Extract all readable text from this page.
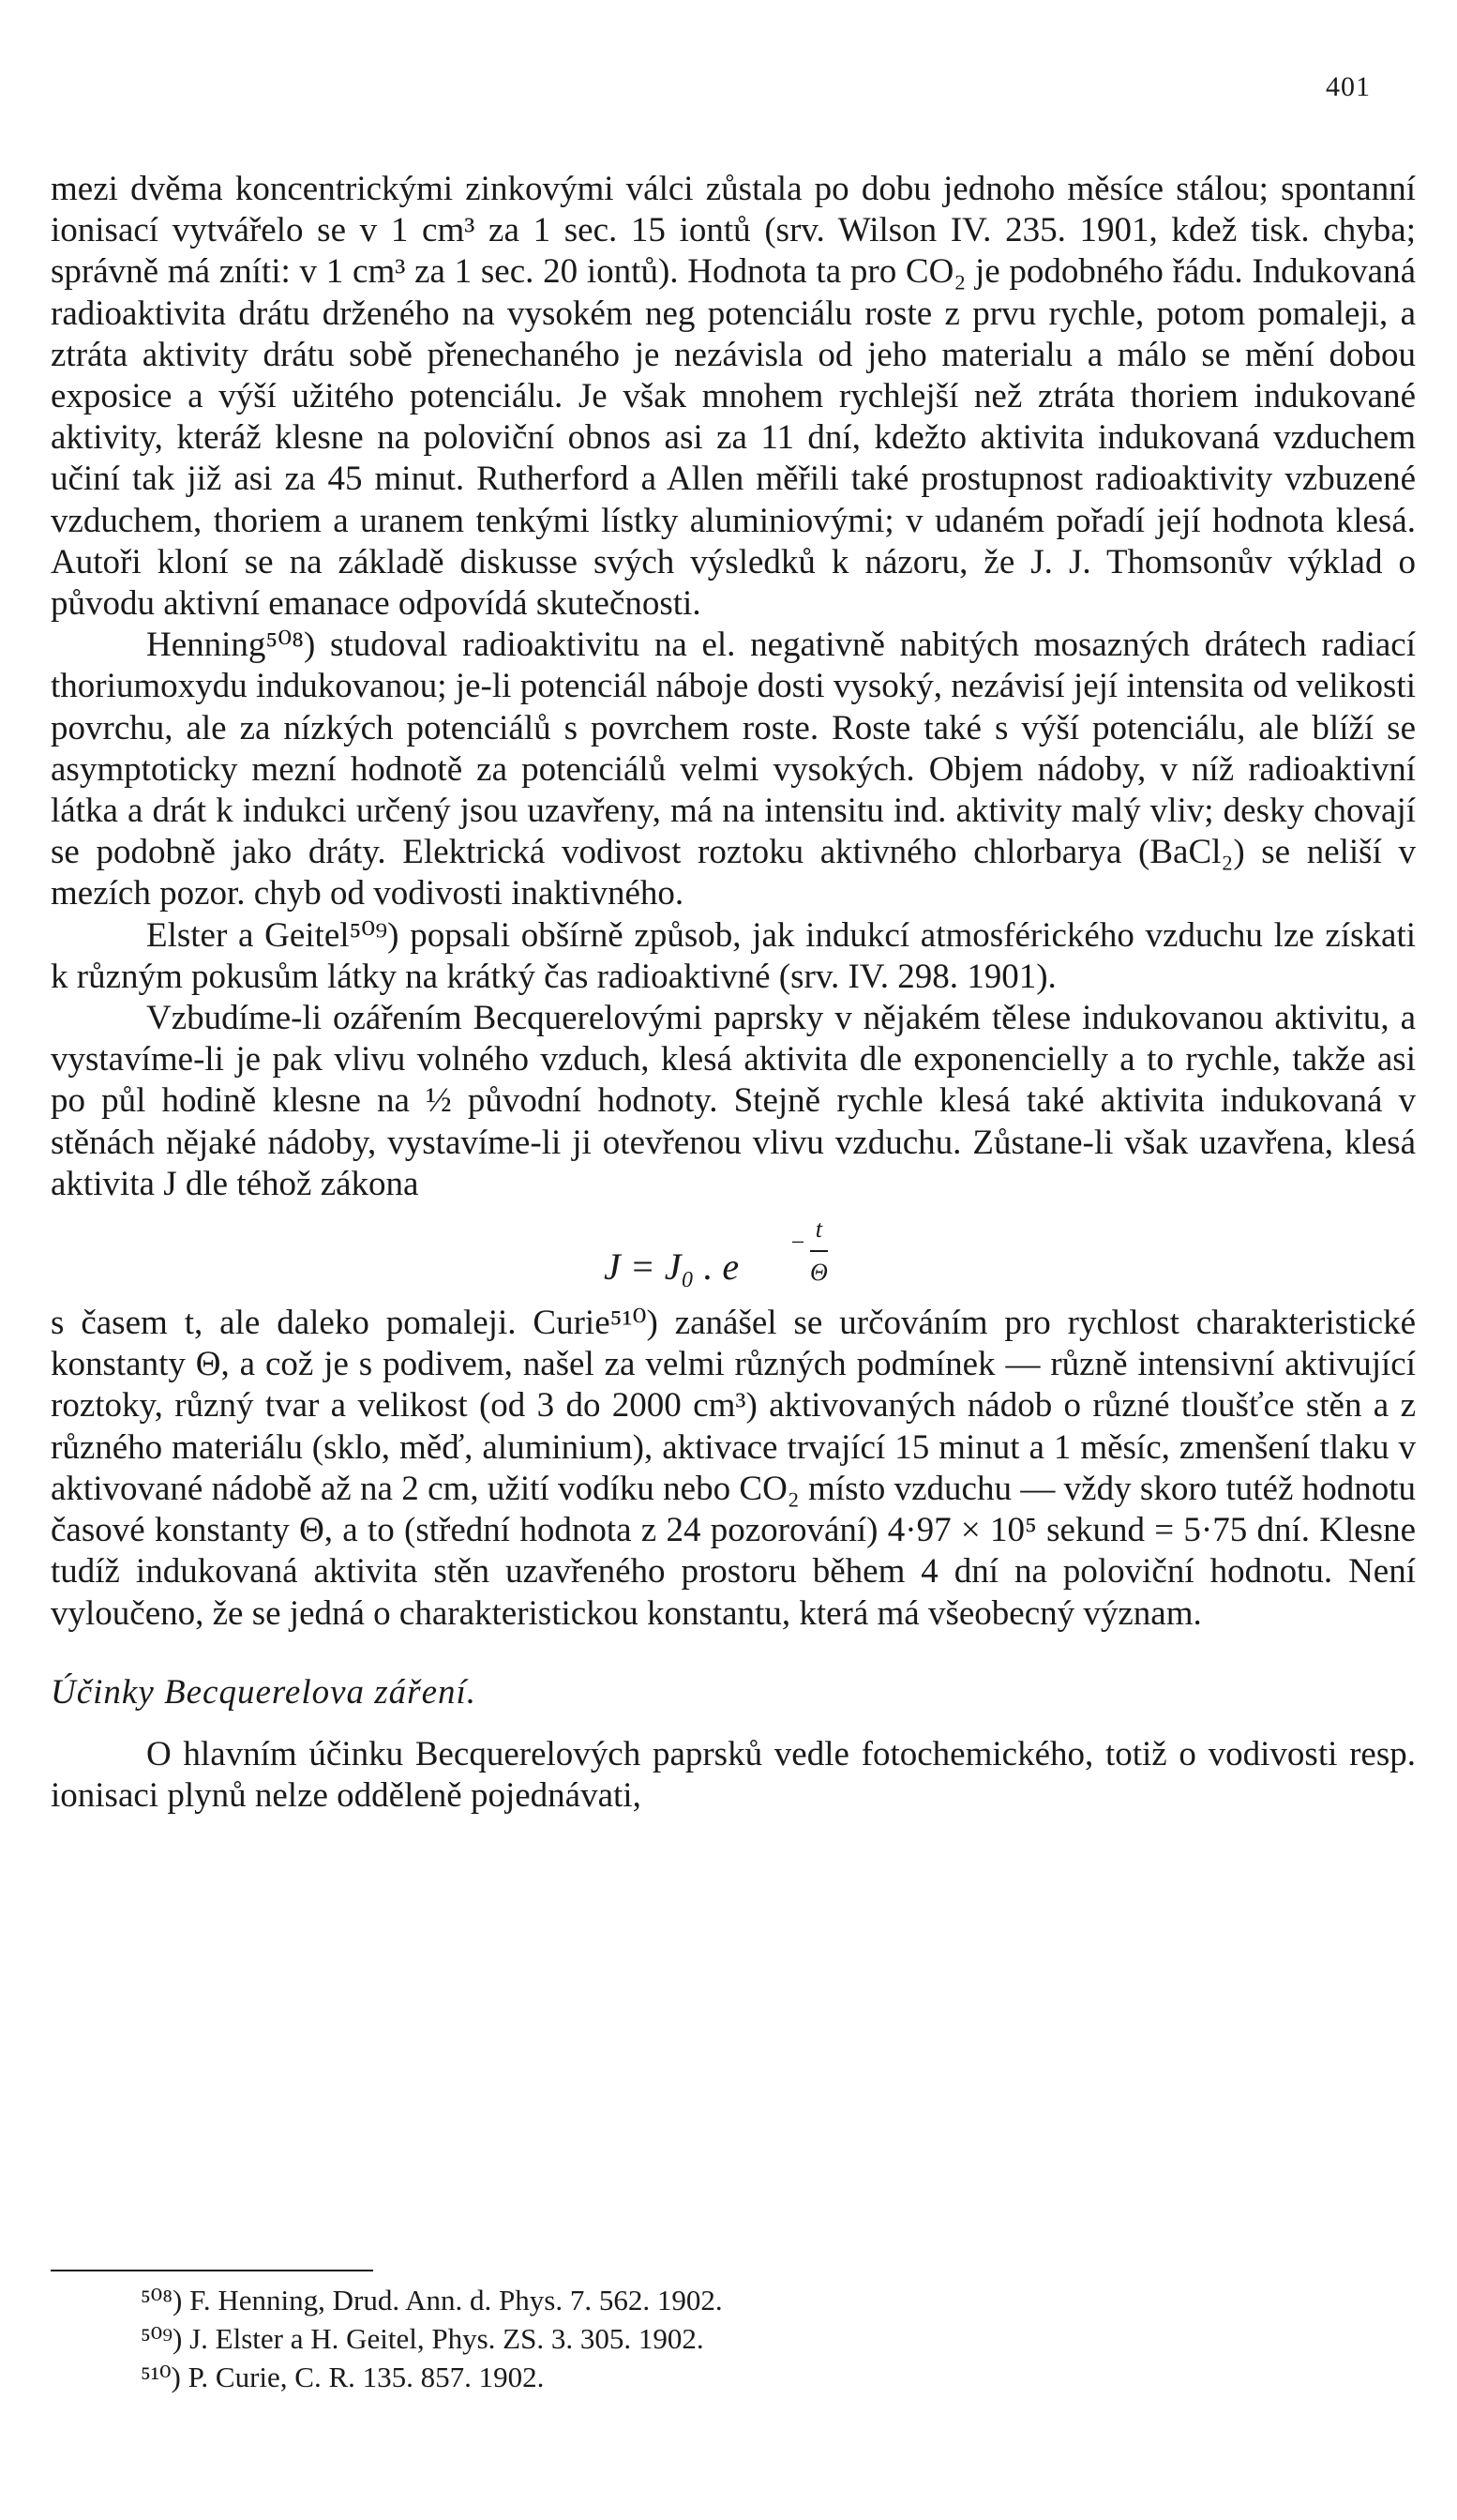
401

mezi dvěma koncentrickými zinkovými válci zůstala po dobu jednoho měsíce stálou; spontanní ionisací vytvářelo se v 1 cm³ za 1 sec. 15 iontů (srv. Wilson IV. 235. 1901, kdež tisk. chyba; správně má zníti: v 1 cm³ za 1 sec. 20 iontů). Hodnota ta pro CO₂ je podobného řádu. Indukovaná radioaktivita drátu drženého na vysokém neg potenciálu roste z prvu rychle, potom pomaleji, a ztráta aktivity drátu sobě přenechaného je nezávisla od jeho materialu a málo se mění dobou exposice a výší užitého potenciálu. Je však mnohem rychlejší než ztráta thoriem indukované aktivity, kteráž klesne na poloviční obnos asi za 11 dní, kdežto aktivita indukovaná vzduchem učiní tak již asi za 45 minut. Rutherford a Allen měřili také prostupnost radioaktivity vzbuzené vzduchem, thoriem a uranem tenkými lístky aluminiovými; v udaném pořadí její hodnota klesá. Autoři kloní se na základě diskusse svých výsledků k názoru, že J. J. Thomsonův výklad o původu aktivní emanace odpovídá skutečnosti.

Henning⁵⁰⁸) studoval radioaktivitu na el. negativně nabitých mosazných drátech radiací thoriumoxydu indukovanou; je-li potenciál náboje dosti vysoký, nezávisí její intensita od velikosti povrchu, ale za nízkých potenciálů s povrchem roste. Roste také s výší potenciálu, ale blíží se asymptoticky mezní hodnotě za potenciálů velmi vysokých. Objem nádoby, v níž radioaktivní látka a drát k indukci určený jsou uzavřeny, má na intensitu ind. aktivity malý vliv; desky chovají se podobně jako dráty. Elektrická vodivost roztoku aktivného chlorbarya (BaCl₂) se neliší v mezích pozor. chyb od vodivosti inaktivného.

Elster a Geitel⁵⁰⁹) popsali obšírně způsob, jak indukcí atmosférického vzduchu lze získati k různým pokusům látky na krátký čas radioaktivné (srv. IV. 298. 1901).

Vzbudíme-li ozářením Becquerelovými paprsky v nějakém tělese indukovanou aktivitu, a vystavíme-li je pak vlivu volného vzduch, klesá aktivita dle exponencielly a to rychle, takže asi po půl hodině klesne na ½ původní hodnoty. Stejně rychle klesá také aktivita indukovaná v stěnách nějaké nádoby, vystavíme-li ji otevřenou vlivu vzduchu. Zůstane-li však uzavřena, klesá aktivita J dle téhož zákona

J = J₀ . e
− t
Θ

s časem t, ale daleko pomaleji. Curie⁵¹⁰) zanášel se určováním pro rychlost charakteristické konstanty Θ, a což je s podivem, našel za velmi různých podmínek — různě intensivní aktivující roztoky, různý tvar a velikost (od 3 do 2000 cm³) aktivovaných nádob o různé tloušťce stěn a z různého materiálu (sklo, měď, aluminium), aktivace trvající 15 minut a 1 měsíc, zmenšení tlaku v aktivované nádobě až na 2 cm, užití vodíku nebo CO₂ místo vzduchu — vždy skoro tutéž hodnotu časové konstanty Θ, a to (střední hodnota z 24 pozorování) 4·97 × 10⁵ sekund = 5·75 dní. Klesne tudíž indukovaná aktivita stěn uzavřeného prostoru během 4 dní na poloviční hodnotu. Není vyloučeno, že se jedná o charakteristickou konstantu, která má všeobecný význam.

Účinky Becquerelova záření.

O hlavním účinku Becquerelových paprsků vedle fotochemického, totiž o vodivosti resp. ionisaci plynů nelze odděleně pojednávati,

⁵⁰⁸) F. Henning, Drud. Ann. d. Phys. 7. 562. 1902.
⁵⁰⁹) J. Elster a H. Geitel, Phys. ZS. 3. 305. 1902.
⁵¹⁰) P. Curie, C. R. 135. 857. 1902.
